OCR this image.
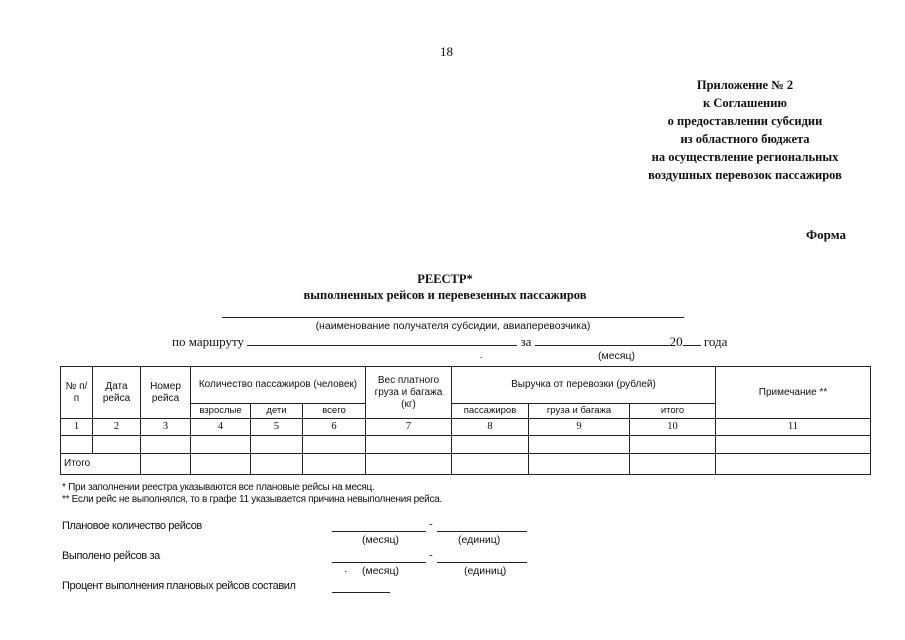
18
Приложение № 2
к Соглашению
о предоставлении субсидии
из областного бюджета
на осуществление региональных
воздушных перевозок пассажиров
Форма
РЕЕСТР*
выполненных рейсов и перевезенных пассажиров
(наименование получателя субсидии, авиаперевозчика)
по маршруту	за	20 года
.	(месяц)
№ п/п	Дата рейса	Номер рейса	Количество пассажиров (человек)			Вес платного груза и багажа (кг)	Выручка от перевозки (рублей)			Примечание **
			взрослые	дети	всего		пассажиров	груза и багажа	итого	
1	2	3	4	5	6	7	8	9	10	11

Итого										
* При заполнении реестра указываются все плановые рейсы на месяц.
** Если рейс не выполнялся, то в графе 11 указывается причина невыполнения рейса.
Плановое количество рейсов	-
(месяц)	(единиц)
Выполено рейсов за	-
· (месяц)	(единиц)
Процент выполнения плановых рейсов составил
